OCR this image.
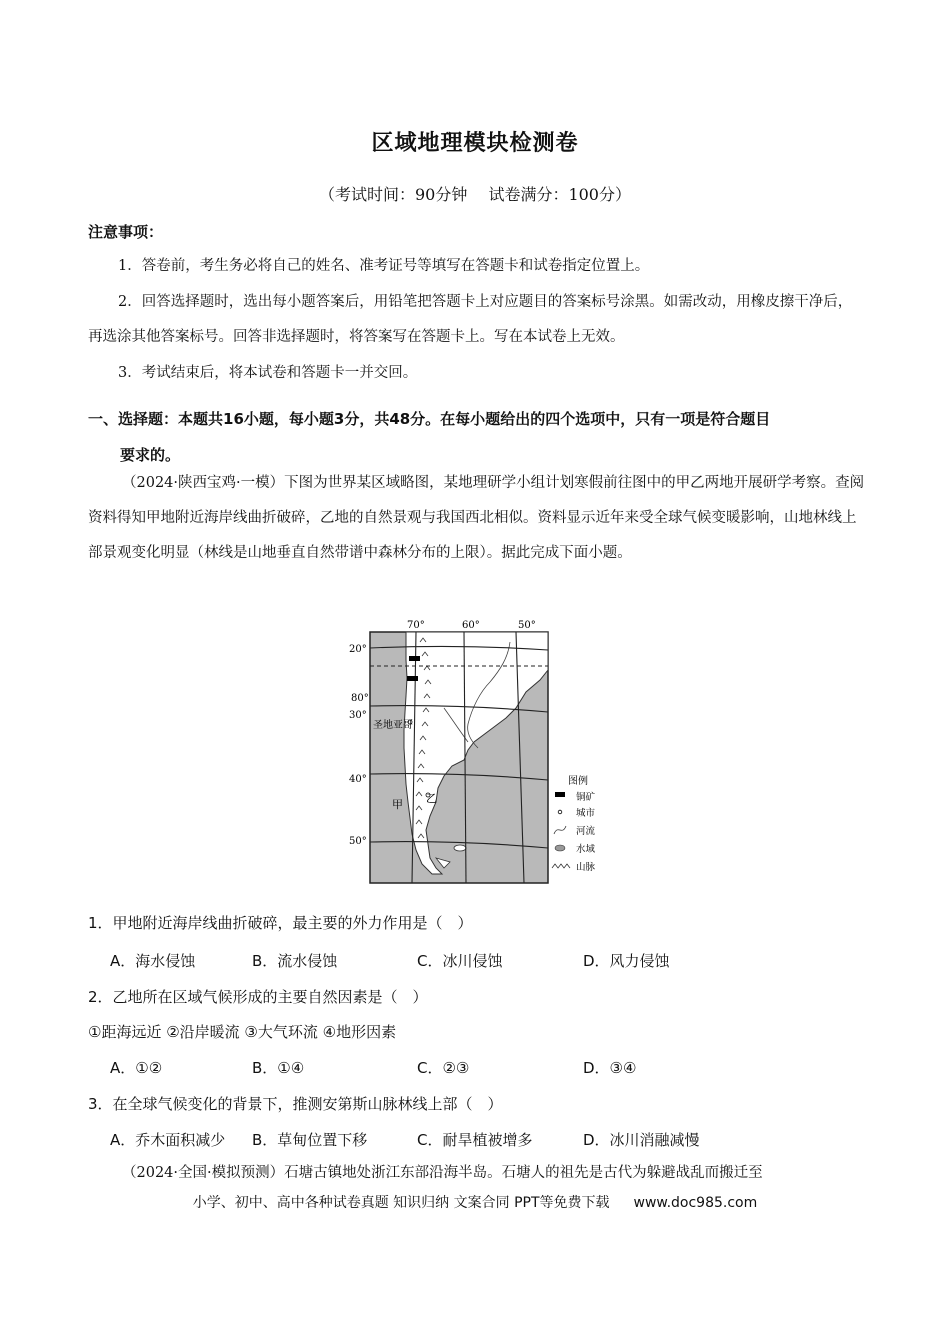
区域地理模块检测卷
（考试时间：90分钟　 试卷满分：100分）
注意事项：
1．答卷前，考生务必将自己的姓名、准考证号等填写在答题卡和试卷指定位置上。
2．回答选择题时，选出每小题答案后，用铅笔把答题卡上对应题目的答案标号涂黑。如需改动，用橡皮擦干净后，再选涂其他答案标号。回答非选择题时，将答案写在答题卡上。写在本试卷上无效。
3．考试结束后，将本试卷和答题卡一并交回。
一、选择题：本题共16小题，每小题3分，共48分。在每小题给出的四个选项中，只有一项是符合题目
要求的。
（2024·陕西宝鸡·一模）下图为世界某区域略图，某地理研学小组计划寒假前往图中的甲乙两地开展研学考察。查阅资料得知甲地附近海岸线曲折破碎，乙地的自然景观与我国西北相似。资料显示近年来受全球气候变暖影响，山地林线上部景观变化明显（林线是山地垂直自然带谱中森林分布的上限）。据此完成下面小题。
70°	60°	50°
20°
80°
30°
40°
50°
圣地亚哥
甲 乙
图例
铜矿
城市
河流
水域
山脉
1．甲地附近海岸线曲折破碎，最主要的外力作用是（　）
A．海水侵蚀	B．流水侵蚀	C．冰川侵蚀	D．风力侵蚀
2．乙地所在区域气候形成的主要自然因素是（　）
①距海远近 ②沿岸暖流 ③大气环流 ④地形因素
A．①②	B．①④	C．②③	D．③④
3．在全球气候变化的背景下，推测安第斯山脉林线上部（　）
A．乔木面积减少 B．草甸位置下移	C．耐旱植被增多	D．冰川消融减慢
（2024·全国·模拟预测）石塘古镇地处浙江东部沿海半岛。石塘人的祖先是古代为躲避战乱而搬迁至
小学、初中、高中各种试卷真题 知识归纳 文案合同 PPT等免费下载 www.doc985.com
